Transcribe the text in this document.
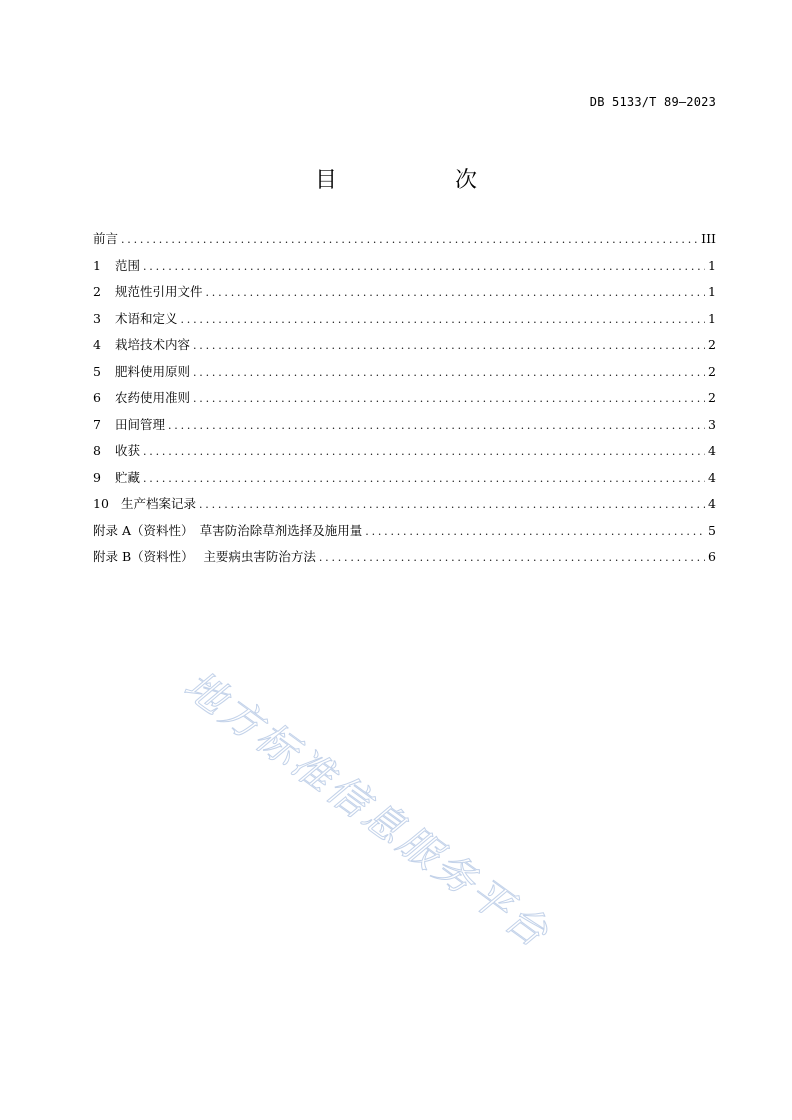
DB 5133/T 89—2023
目　次
前言 .....	III
1	范围 .....	1
2	规范性引用文件 .....	1
3	术语和定义 .....	1
4	栽培技术内容 .....	2
5	肥料使用原则 .....	2
6	农药使用准则 .....	2
7	田间管理 .....	3
8	收获 .....	4
9	贮藏 .....	4
10 生产档案记录 .....	4
附录 A（资料性） 草害防治除草剂选择及施用量 .....	5
附录 B（资料性） 主要病虫害防治方法 .....	6
地方标准信息服务平台
